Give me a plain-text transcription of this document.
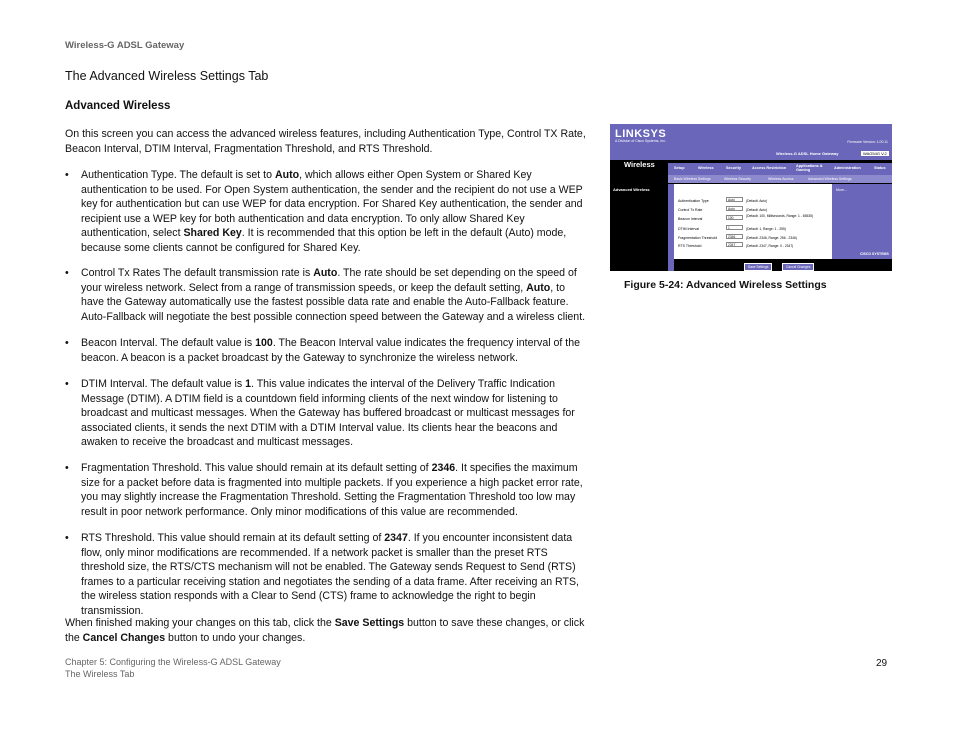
Wireless-G ADSL Gateway
The Advanced Wireless Settings Tab
Advanced Wireless
On this screen you can access the advanced wireless features, including Authentication Type, Control TX Rate, Beacon Interval, DTIM Interval, Fragmentation Threshold, and RTS Threshold.
• Authentication Type. The default is set to Auto, which allows either Open System or Shared Key authentication to be used. For Open System authentication, the sender and the recipient do not use a WEP key for authentication but can use WEP for data encryption. For Shared Key authentication, the sender and recipient use a WEP key for both authentication and data encryption. To only allow Shared Key authentication, select Shared Key. It is recommended that this option be left in the default (Auto) mode, because some clients cannot be configured for Shared Key.
• Control Tx Rates The default transmission rate is Auto. The rate should be set depending on the speed of your wireless network. Select from a range of transmission speeds, or keep the default setting, Auto, to have the Gateway automatically use the fastest possible data rate and enable the Auto-Fallback feature. Auto-Fallback will negotiate the best possible connection speed between the Gateway and a wireless client.
• Beacon Interval. The default value is 100. The Beacon Interval value indicates the frequency interval of the beacon. A beacon is a packet broadcast by the Gateway to synchronize the wireless network.
• DTIM Interval. The default value is 1. This value indicates the interval of the Delivery Traffic Indication Message (DTIM). A DTIM field is a countdown field informing clients of the next window for listening to broadcast and multicast messages. When the Gateway has buffered broadcast or multicast messages for associated clients, it sends the next DTIM with a DTIM Interval value. Its clients hear the beacons and awaken to receive the broadcast and multicast messages.
• Fragmentation Threshold. This value should remain at its default setting of 2346. It specifies the maximum size for a packet before data is fragmented into multiple packets. If you experience a high packet error rate, you may slightly increase the Fragmentation Threshold. Setting the Fragmentation Threshold too low may result in poor network performance. Only minor modifications of this value are recommended.
• RTS Threshold. This value should remain at its default setting of 2347. If you encounter inconsistent data flow, only minor modifications are recommended. If a network packet is smaller than the preset RTS threshold size, the RTS/CTS mechanism will not be enabled. The Gateway sends Request to Send (RTS) frames to a particular receiving station and negotiates the sending of a data frame. After receiving an RTS, the wireless station responds with a Clear to Send (CTS) frame to acknowledge the right to begin transmission.
When finished making your changes on this tab, click the Save Settings button to save these changes, or click the Cancel Changes button to undo your changes.
LINKSYS
A Division of Cisco Systems, Inc.	Firmware Version: 1.00.11
Wireless-G ADSL Home Gateway	WAG54G V.2
Wireless	Setup	Wireless	Security	Access Restriction	Applications & Gaming	Administration	Status
Basic Wireless Settings	Wireless Security	Wireless Access	Advanced Wireless Settings
Advanced Wireless	More...
Authentication Type	Auto	(Default: Auto)
Control Tx Rate	Auto	(Default: Auto)
Beacon Interval	100	(Default: 100, Milliseconds, Range: 1 - 65535)
DTIM Interval	1	(Default: 1, Range: 1 - 255)
Fragmentation Threshold	2346	(Default: 2346, Range: 256 - 2346)
RTS Threshold	2347	(Default: 2347, Range: 0 - 2347)
Save Settings	Cancel Changes
CISCO SYSTEMS
Figure 5-24: Advanced Wireless Settings
Chapter 5: Configuring the Wireless-G ADSL Gateway
The Wireless Tab
29
